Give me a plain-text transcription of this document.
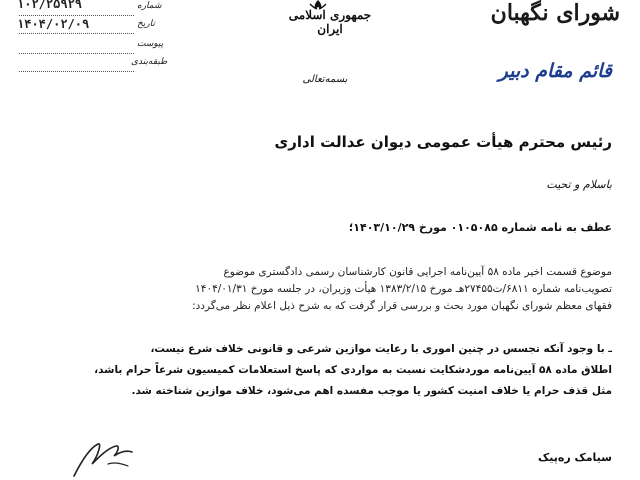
شورای نگهبان
قائم مقام دبیر
جمهوری اسلامی ایران
بسمه‌تعالی
۱۰۲/۲۵۹۲۹	شماره
۱۴۰۴/۰۲/۰۹	تاریخ
پیوست
طبقه‌بندی
رئیس محترم هیأت عمومی دیوان عدالت اداری
باسلام و تحیت
عطف به نامه شماره ۰۱۰۵۰۸۵ مورخ ۱۴۰۳/۱۰/۲۹؛

موضوع قسمت اخیر ماده ۵۸ آیین‌نامه اجرایی قانون کارشناسان رسمی دادگستری موضوع

تصویب‌نامه شماره ۶۸۱۱/ت۲۷۴۵۵هـ مورخ ۱۳۸۳/۲/۱۵ هیأت وزیران، در جلسه مورخ ۱۴۰۴/۰۱/۳۱

فقهای معظم شورای نگهبان مورد بحث و بررسی قرار گرفت که به شرح ذیل اعلام نظر می‌گردد:

ـ با وجود آنکه تجسس در چنین اموری با رعایت موازین شرعی و قانونی خلاف شرع نیست،

اطلاق ماده ۵۸ آیین‌نامه موردشکایت نسبت به مواردی که پاسخ استعلامات کمیسیون شرعاً حرام باشد،

مثل قذف حرام یا خلاف امنیت کشور یا موجب مفسده اهم می‌شود، خلاف موازین شناخته شد.

سیامک ره‌پیک
